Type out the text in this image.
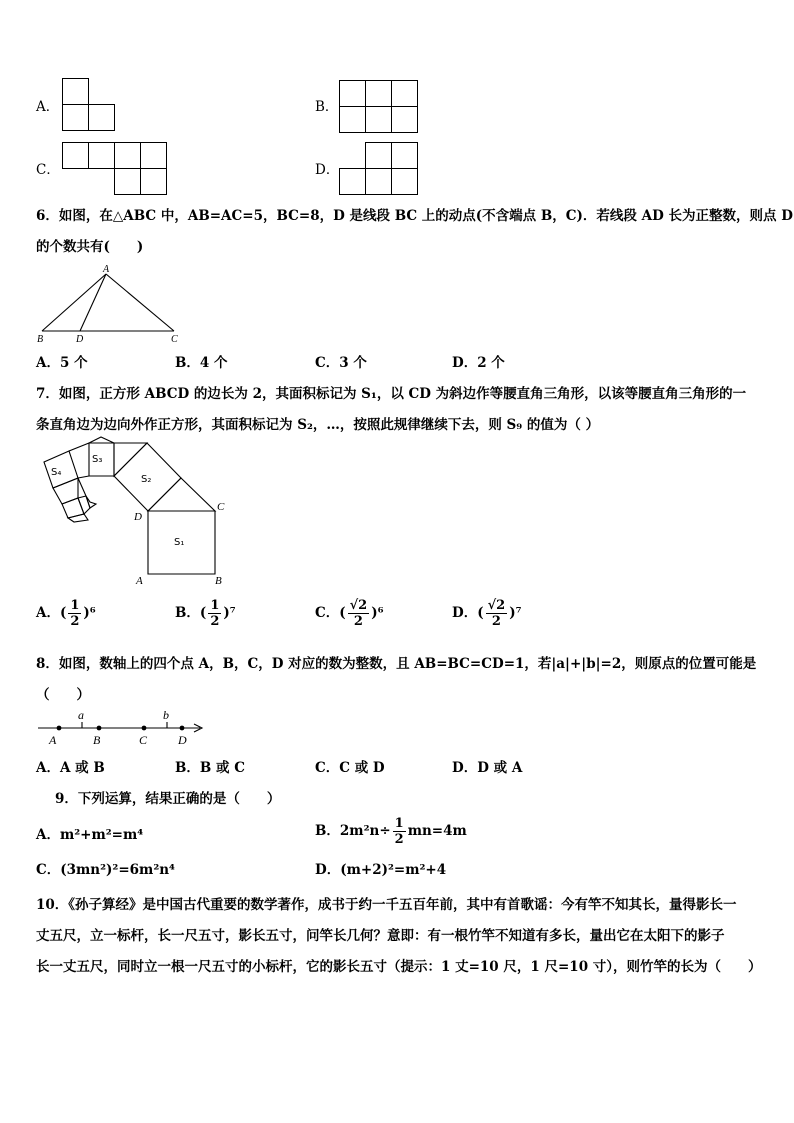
A．	B．
C．	D．
6．如图，在△ABC 中，AB=AC=5，BC=8，D 是线段 BC 上的动点(不含端点 B，C)．若线段 AD 长为正整数，则点 D
的个数共有(　　)
A
B	D	C
A．5 个	B．4 个	C．3 个	D．2 个
7．如图，正方形 ABCD 的边长为 2，其面积标记为 S₁，以 CD 为斜边作等腰直角三角形，以该等腰直角三角形的一
条直角边为边向外作正方形，其面积标记为 S₂，…，按照此规律继续下去，则 S₉ 的值为（ ）
S₁
S₂
S₃
S₄
A	B
C
D
A．( $\frac{1}{2} )^6$	B．( $\frac{1}{2} )^7$	C．( $\frac{√2}{2} )^6$	D．( $\frac{√2}{2} )^7$
8．如图，数轴上的四个点 A，B，C，D 对应的数为整数，且 AB=BC=CD=1，若|a|+|b|=2，则原点的位置可能是
（　　）
a	b
A	B	C	D
A．A 或 B	B．B 或 C	C．C 或 D	D．D 或 A
9．下列运算，结果正确的是（　　）
A．m²+m²=m⁴	B．$2m^2n\div \frac{1}{2} mn=4m$
C．(3mn²)²=6m²n⁴	D．(m+2)²=m²+4
10．《孙子算经》是中国古代重要的数学著作，成书于约一千五百年前，其中有首歌谣：今有竿不知其长，量得影长一
丈五尺，立一标杆，长一尺五寸，影长五寸，问竿长几何？意即：有一根竹竿不知道有多长，量出它在太阳下的影子
长一丈五尺，同时立一根一尺五寸的小标杆，它的影长五寸（提示：1 丈=10 尺，1 尺=10 寸），则竹竿的长为（　　）
